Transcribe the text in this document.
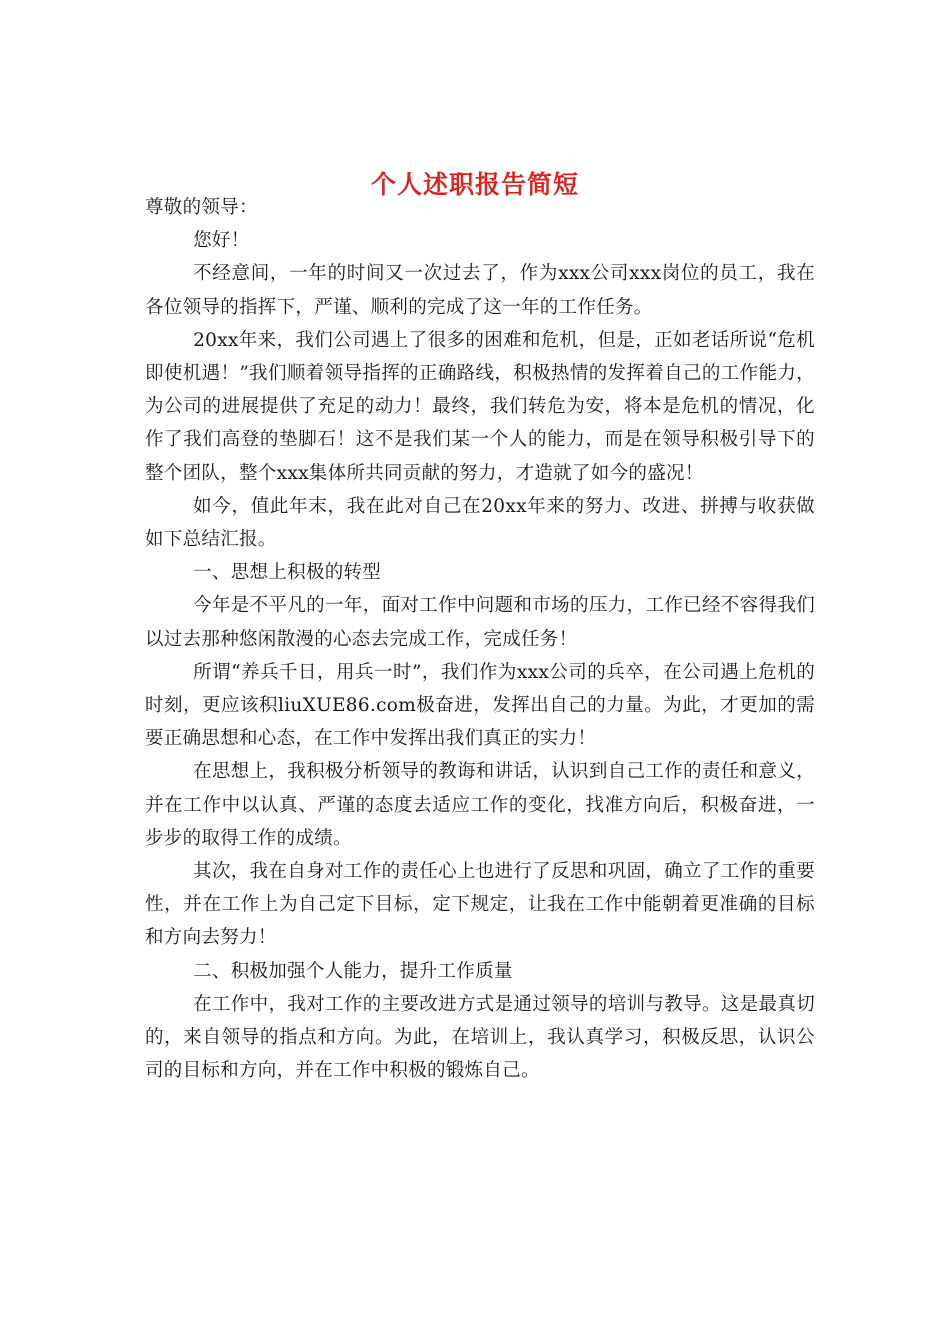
个人述职报告简短

尊敬的领导：

您好！

不经意间，一年的时间又一次过去了，作为xxx公司xxx岗位的员工，我在各位领导的指挥下，严谨、顺利的完成了这一年的工作任务。

20xx年来，我们公司遇上了很多的困难和危机，但是，正如老话所说“危机即使机遇！”我们顺着领导指挥的正确路线，积极热情的发挥着自己的工作能力，为公司的进展提供了充足的动力！最终，我们转危为安，将本是危机的情况，化作了我们高登的垫脚石！这不是我们某一个人的能力，而是在领导积极引导下的整个团队，整个xxx集体所共同贡献的努力，才造就了如今的盛况！

如今，值此年末，我在此对自己在20xx年来的努力、改进、拼搏与收获做如下总结汇报。

一、思想上积极的转型

今年是不平凡的一年，面对工作中问题和市场的压力，工作已经不容得我们以过去那种悠闲散漫的心态去完成工作，完成任务！

所谓“养兵千日，用兵一时”，我们作为xxx公司的兵卒，在公司遇上危机的时刻，更应该积liuXUE86.com极奋进，发挥出自己的力量。为此，才更加的需要正确思想和心态，在工作中发挥出我们真正的实力！

在思想上，我积极分析领导的教诲和讲话，认识到自己工作的责任和意义，并在工作中以认真、严谨的态度去适应工作的变化，找准方向后，积极奋进，一步步的取得工作的成绩。

其次，我在自身对工作的责任心上也进行了反思和巩固，确立了工作的重要性，并在工作上为自己定下目标，定下规定，让我在工作中能朝着更准确的目标和方向去努力！

二、积极加强个人能力，提升工作质量

在工作中，我对工作的主要改进方式是通过领导的培训与教导。这是最真切的，来自领导的指点和方向。为此，在培训上，我认真学习，积极反思，认识公司的目标和方向，并在工作中积极的锻炼自己。
